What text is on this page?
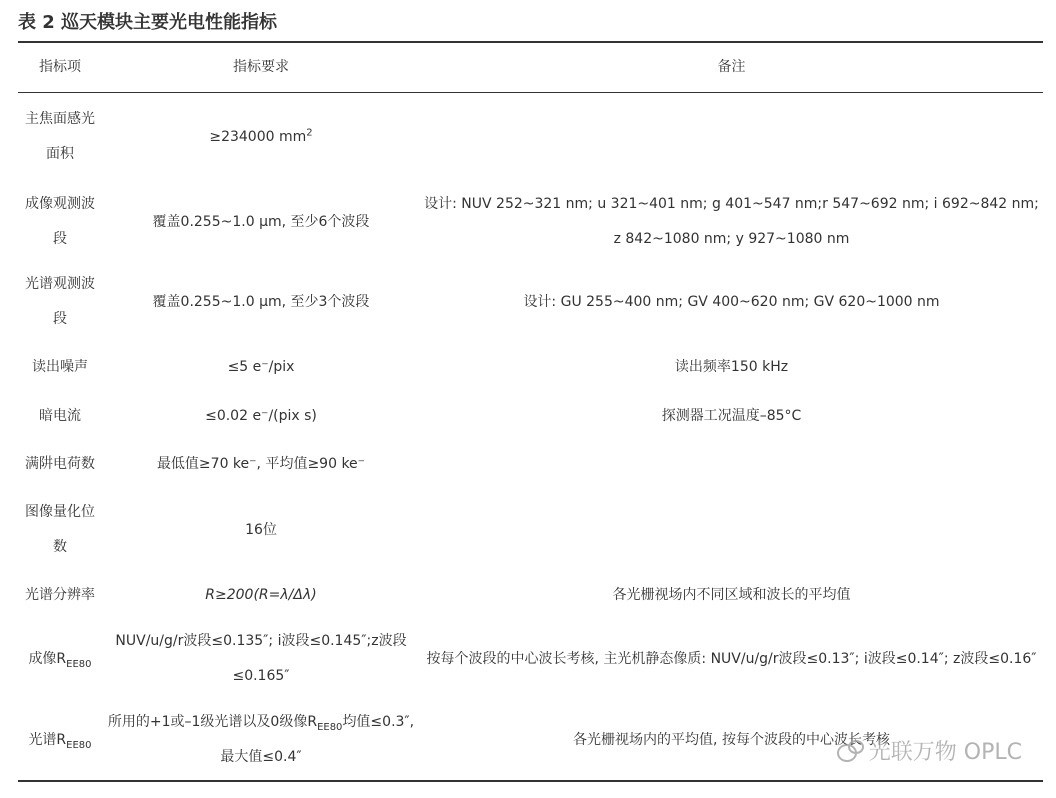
表 2 巡天模块主要光电性能指标
指标项	指标要求	备注
主焦面感光面积	≥234000 $mm^2$	
成像观测波段	覆盖0.255~1.0 μm, 至少6个波段	设计: NUV 252~321 nm; u 321~401 nm; g 401~547 nm;r 547~692 nm; i 692~842 nm; z 842~1080 nm; y 927~1080 nm
光谱观测波段	覆盖0.255~1.0 μm, 至少3个波段	设计: GU 255~400 nm; GV 400~620 nm; GV 620~1000 nm
读出噪声	≤5 e⁻/pix	读出频率150 kHz
暗电流	≤0.02 e⁻/(pix s)	探测器工况温度–85°C
满阱电荷数	最低值≥70 ke⁻, 平均值≥90 ke⁻	
图像量化位数	16位	
光谱分辨率	R≥200(R=λ/Δλ)	各光栅视场内不同区域和波长的平均值
成像$R_{EE80}$	NUV/u/g/r波段≤0.135″; i波段≤0.145″;z波段≤0.165″	按每个波段的中心波长考核, 主光机静态像质: NUV/u/g/r波段≤0.13″; i波段≤0.14″; z波段≤0.16″
光谱$R_{EE80}$	所用的+1或–1级光谱以及0级像$R_{EE80}$均值≤0.3″, 最大值≤0.4″	各光栅视场内的平均值, 按每个波段的中心波长考核
光联万物 OPLC
